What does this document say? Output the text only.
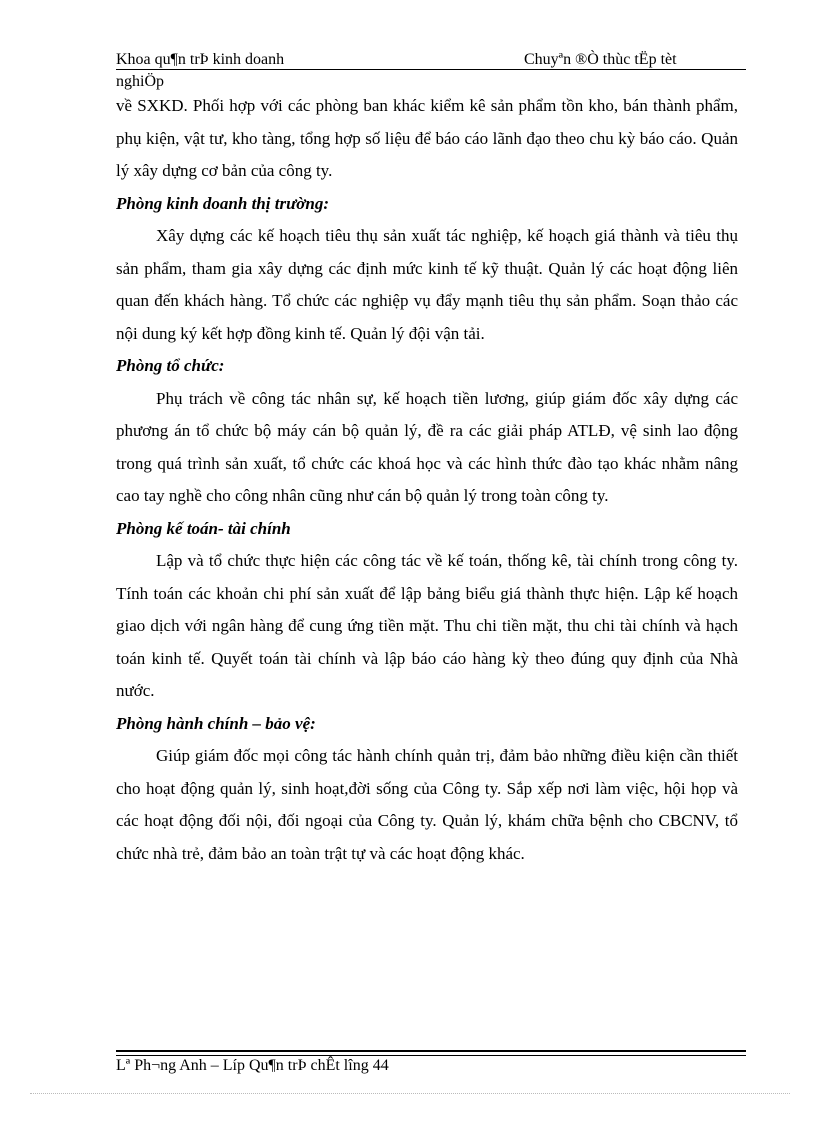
Khoa qu¶n trÞ kinh doanh	Chuyªn ®Ò thùc tËp tèt
nghiÖp

về SXKD. Phối hợp với các phòng ban khác kiểm kê sản phẩm tồn kho, bán thành phẩm, phụ kiện, vật tư, kho tàng, tổng hợp số liệu để báo cáo lãnh đạo theo chu kỳ báo cáo. Quản lý xây dựng cơ bản của công ty.

Phòng kinh doanh thị trường:

Xây dựng các kế hoạch tiêu thụ sản xuất tác nghiệp, kế hoạch giá thành và tiêu thụ sản phẩm, tham gia xây dựng các định mức kinh tế kỹ thuật. Quản lý các hoạt động liên quan đến khách hàng. Tổ chức các nghiệp vụ đẩy mạnh tiêu thụ sản phẩm. Soạn thảo các nội dung ký kết hợp đồng kinh tế. Quản lý đội vận tải.

Phòng tổ chức:

Phụ trách về công tác nhân sự, kế hoạch tiền lương, giúp giám đốc xây dựng các phương án tổ chức bộ máy cán bộ quản lý, đề ra các giải pháp ATLĐ, vệ sinh lao động trong quá trình sản xuất, tổ chức các khoá học và các hình thức đào tạo khác nhằm nâng cao tay nghề cho công nhân cũng như cán bộ quản lý trong toàn công ty.

Phòng kế toán- tài chính

Lập và tổ chức thực hiện các công tác về kế toán, thống kê, tài chính trong công ty. Tính toán các khoản chi phí sản xuất để lập bảng biểu giá thành thực hiện. Lập kế hoạch giao dịch với ngân hàng để cung ứng tiền mặt. Thu chi tiền mặt, thu chi tài chính và hạch toán kinh tế. Quyết toán tài chính và lập báo cáo hàng kỳ theo đúng quy định của Nhà nước.

Phòng hành chính – bảo vệ:

Giúp giám đốc mọi công tác hành chính quản trị, đảm bảo những điều kiện cần thiết cho hoạt động quản lý, sinh hoạt,đời sống của Công ty. Sắp xếp nơi làm việc, hội họp và các hoạt động đối nội, đối ngoại của Công ty. Quản lý, khám chữa bệnh cho CBCNV, tổ chức nhà trẻ, đảm bảo an toàn trật tự và các hoạt động khác.

Lª Ph¬ng Anh – Líp Qu¶n trÞ chÊt lîng 44
